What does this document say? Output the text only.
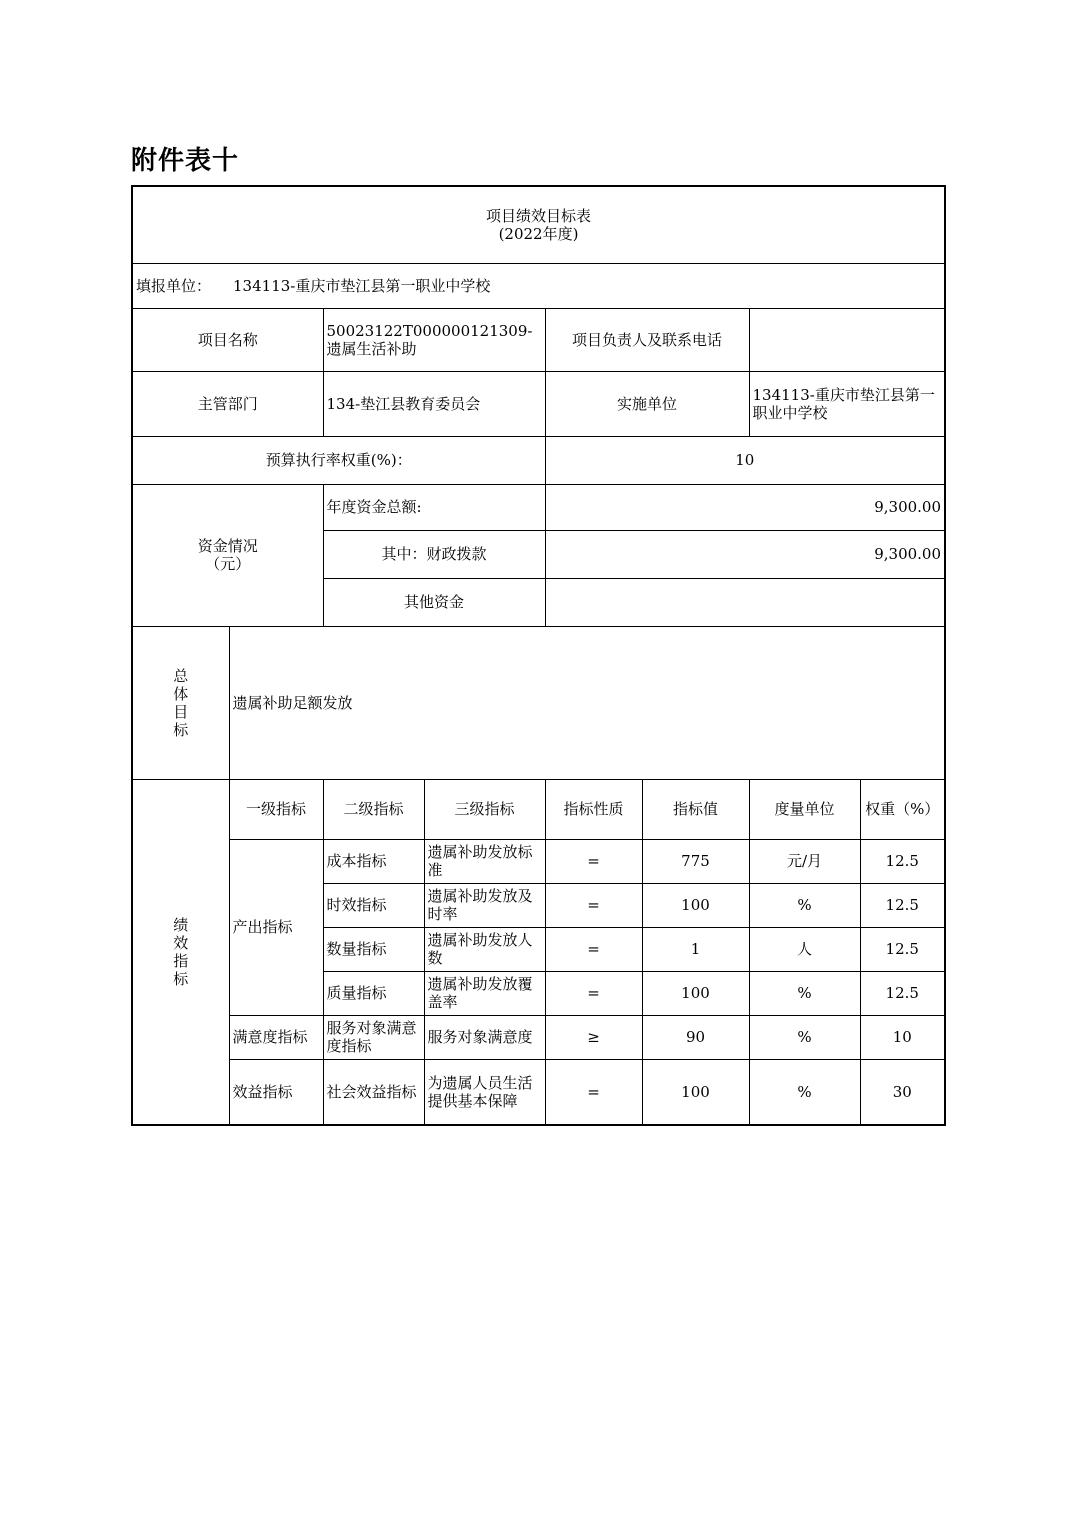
附件表十
项目绩效目标表
(2022年度)							

填报单位： 134113-重庆市垫江县第一职业中学校							
项目名称		50023122T000000121309-遗属生活补助		项目负责人及联系电话			
主管部门		134-垫江县教育委员会		实施单位		134113-重庆市垫江县第一职业中学校	
预算执行率权重(%)：				10			

资金情况
（元）		年度资金总额:		9,300.00			
		其中：财政拨款		9,300.00			
		其他资金					

总
体
目
标	遗属补助足额发放						

绩
效
指
标	一级指标	二级指标	三级指标	指标性质	指标值	度量单位	权重（%）
	产出指标	成本指标	遗属补助发放标准	=	775	元/月	12.5
		时效指标	遗属补助发放及时率	=	100	%	12.5
		数量指标	遗属补助发放人数	=	1	人	12.5
		质量指标	遗属补助发放覆盖率	=	100	%	12.5
	满意度指标	服务对象满意度指标	服务对象满意度	≥	90	%	10
	效益指标	社会效益指标	为遗属人员生活提供基本保障	=	100	%	30
